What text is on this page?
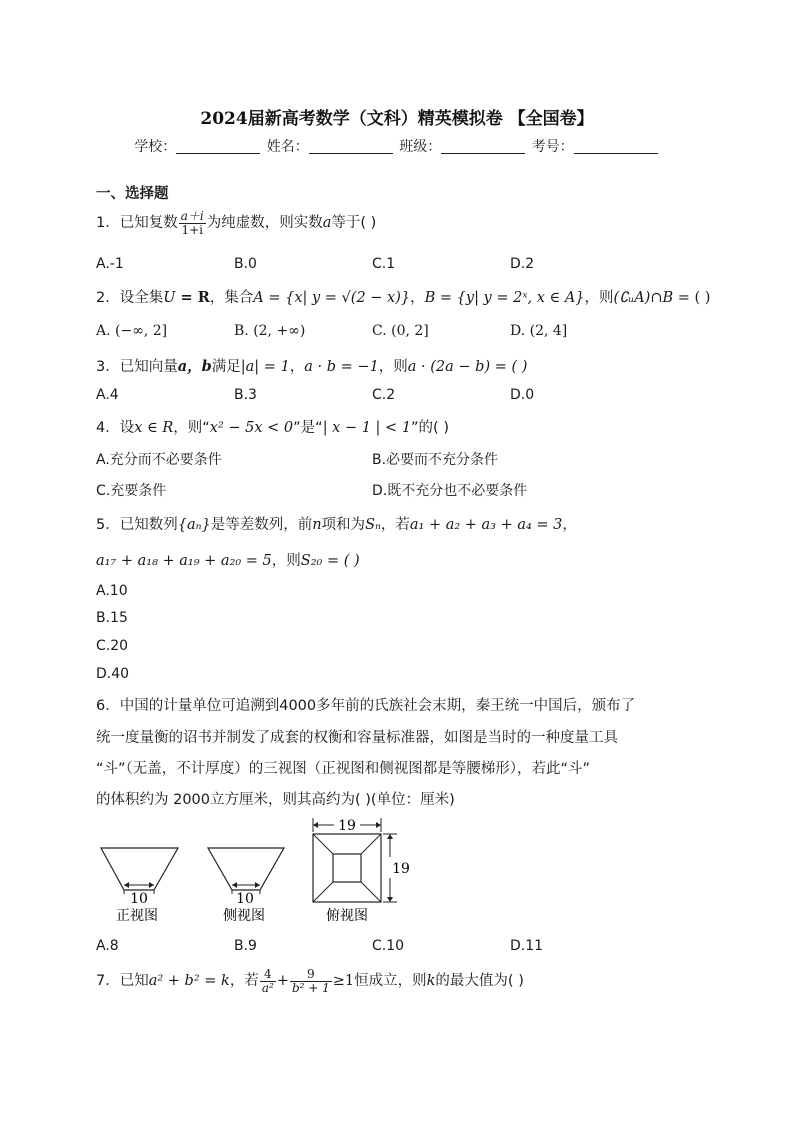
2024届新高考数学（文科）精英模拟卷 【全国卷】
学校：	姓名：	班级：	考号：
一、选择题
1．已知复数 $\frac{a+i}{1+i}$ 为纯虚数，则实数a等于( )
A.-1	B.0	C.1	D.2
2．设全集U = R，集合A = {x| y = √(2 − x)}，B = {y| y = 2ˣ, x ∈ A}，则(∁ᵤA)∩B = ( )
A. (−∞, 2]	B. (2, +∞)	C. (0, 2]	D. (2, 4]
3．已知向量a，b满足|a| = 1，a · b = −1，则a · (2a − b) = ( )
A.4	B.3	C.2	D.0
4．设x ∈ R，则“x² − 5x < 0”是“| x − 1 | < 1”的( )
A.充分而不必要条件	B.必要而不充分条件
C.充要条件	D.既不充分也不必要条件
5．已知数列{aₙ}是等差数列，前n项和为Sₙ，若a₁ + a₂ + a₃ + a₄ = 3，
a₁₇ + a₁₈ + a₁₉ + a₂₀ = 5，则S₂₀ = ( )
A.10
B.15
C.20
D.40
6．中国的计量单位可追溯到4000多年前的氏族社会末期，秦王统一中国后，颁布了
统一度量衡的诏书并制发了成套的权衡和容量标准器，如图是当时的一种度量工具
“斗”（无盖，不计厚度）的三视图（正视图和侧视图都是等腰梯形），若此“斗”
的体积约为 2000立方厘米，则其高约为( )(单位：厘米)
10
正视图
10
侧视图
19
19
俯视图
A.8	B.9	C.10	D.11
7．已知a² + b² = k，若 $\frac{4}{\text{a²}} + \frac{9}{\text{b² + 1}} \ge 1$恒成立，则k的最大值为( )
